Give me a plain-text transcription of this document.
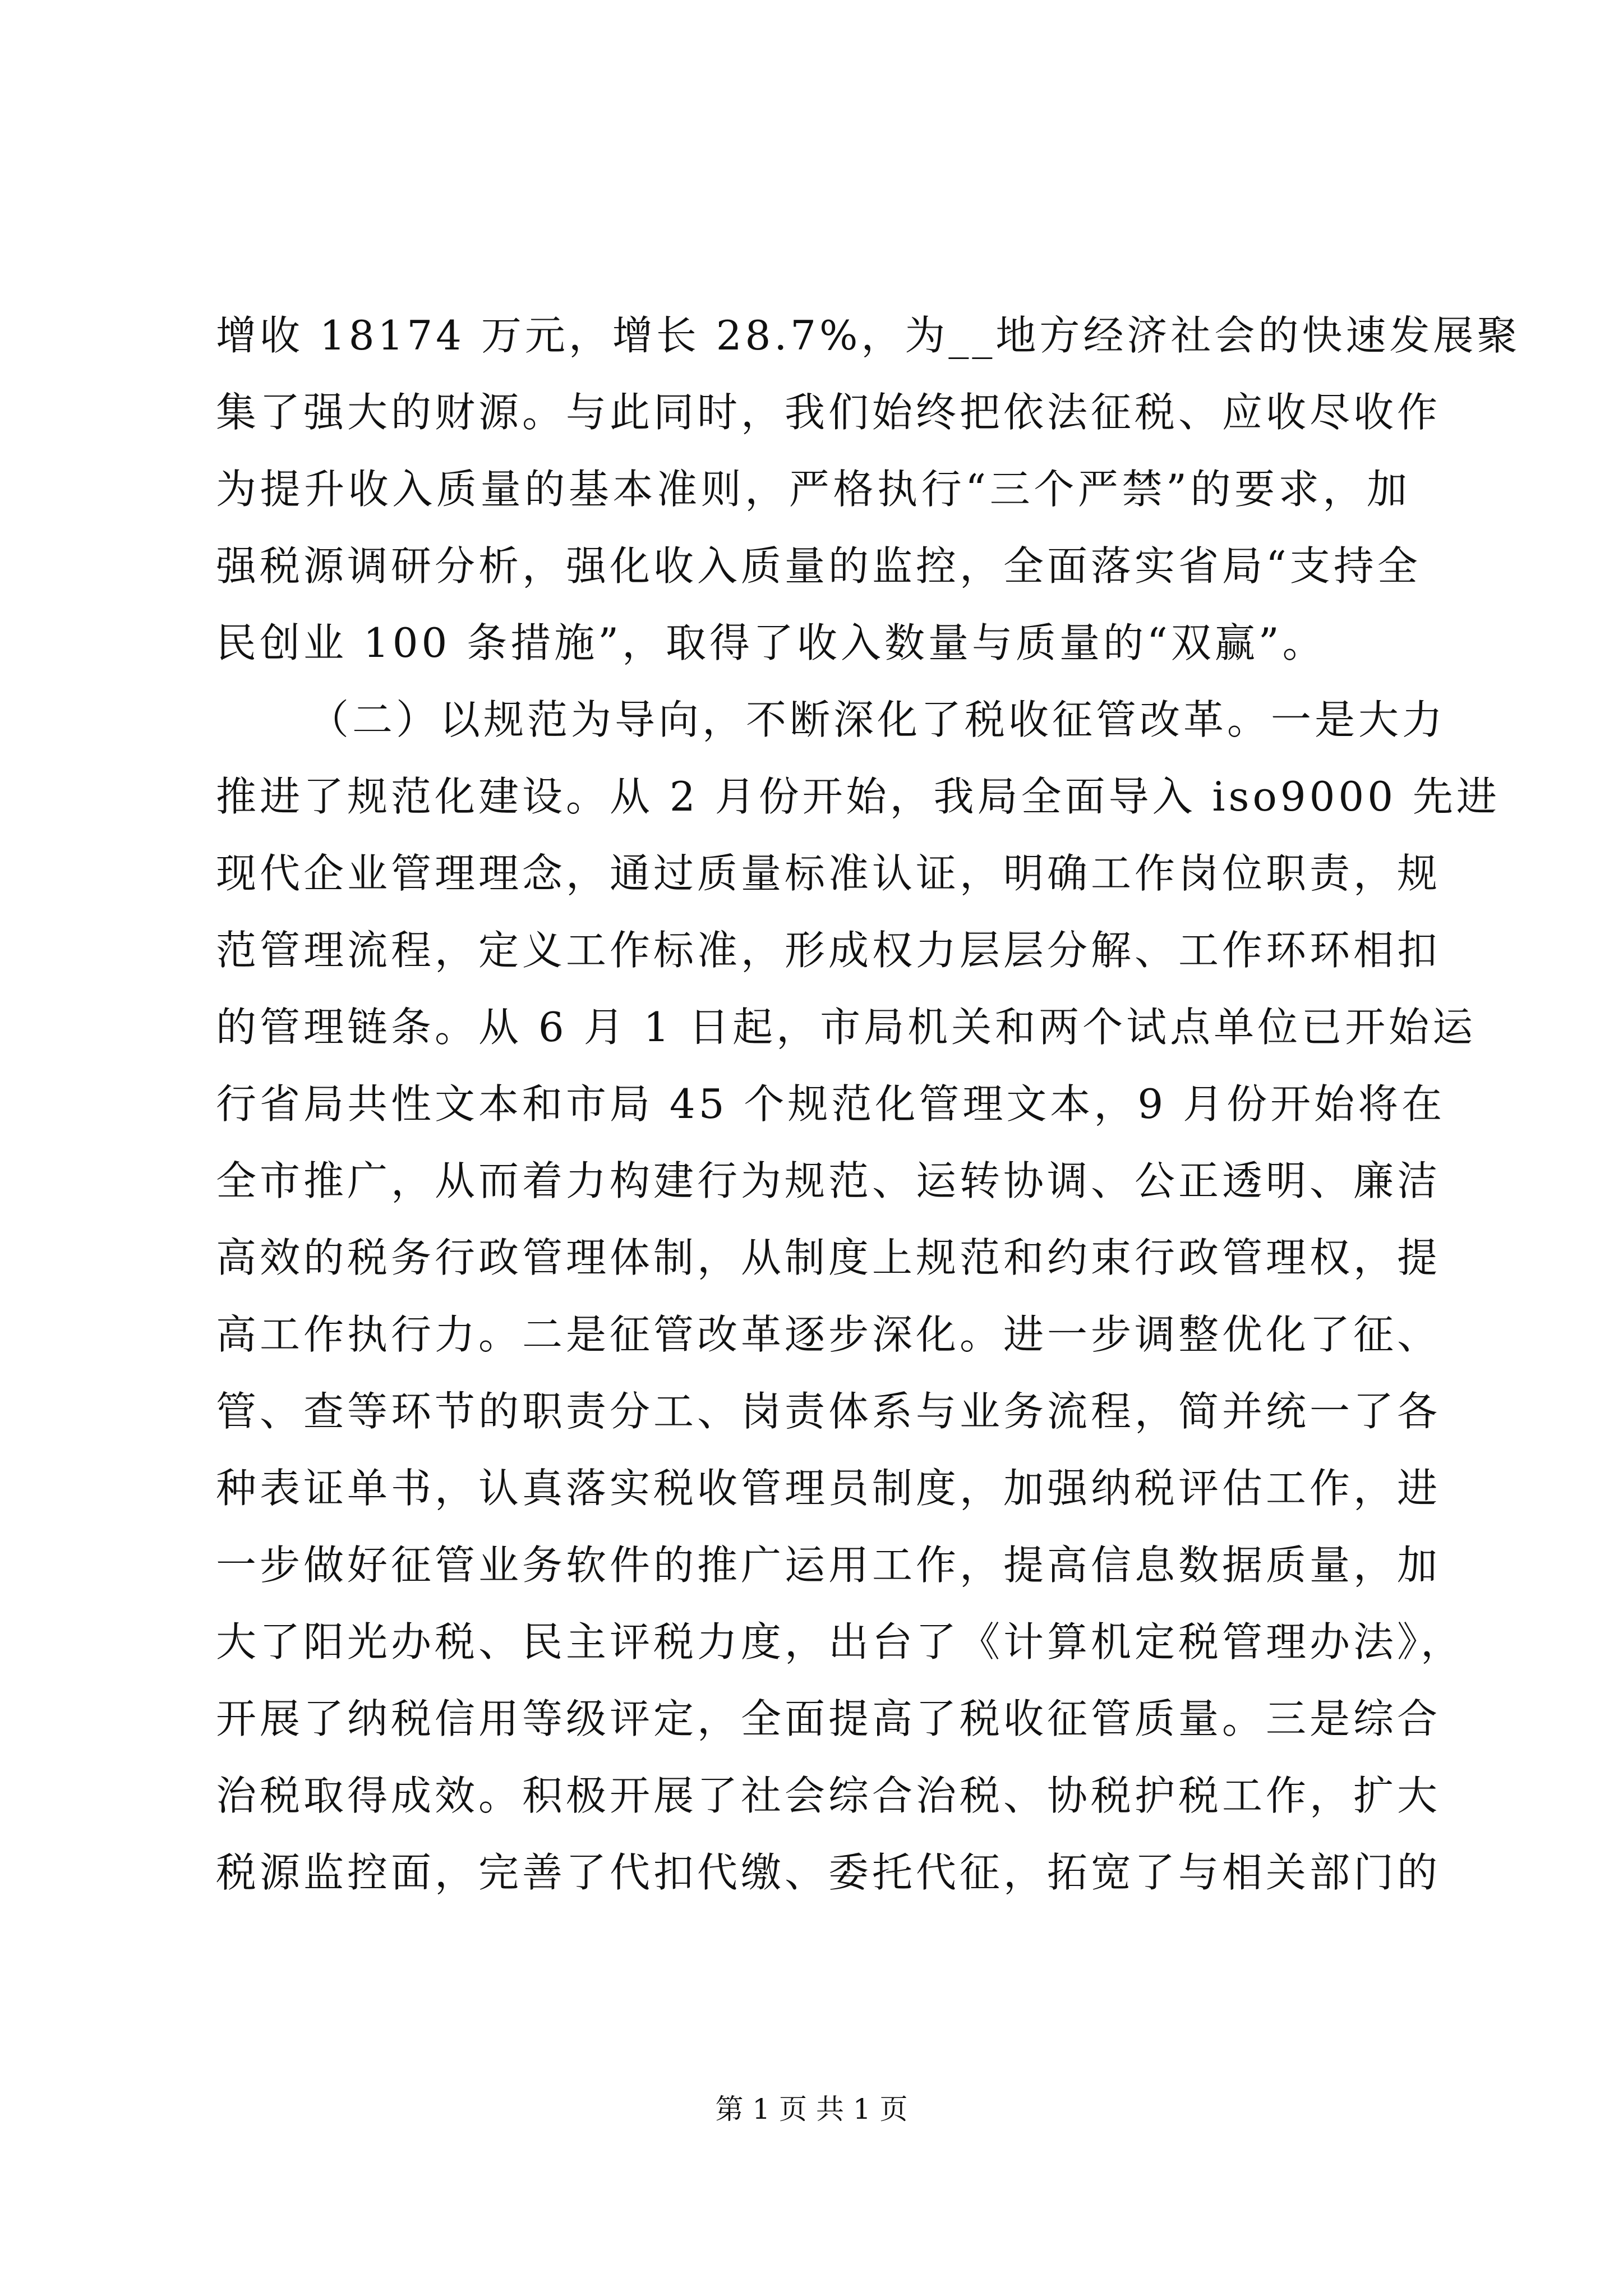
增收 18174 万元，增长 28.7%，为__地方经济社会的快速发展聚
集了强大的财源。与此同时，我们始终把依法征税、应收尽收作
为提升收入质量的基本准则，严格执行“三个严禁”的要求，加
强税源调研分析，强化收入质量的监控，全面落实省局“支持全
民创业 100 条措施”，取得了收入数量与质量的“双赢”。
（二）以规范为导向，不断深化了税收征管改革。一是大力
推进了规范化建设。从 2 月份开始，我局全面导入 iso9000 先进
现代企业管理理念，通过质量标准认证，明确工作岗位职责，规
范管理流程，定义工作标准，形成权力层层分解、工作环环相扣
的管理链条。从 6 月 1 日起，市局机关和两个试点单位已开始运
行省局共性文本和市局 45 个规范化管理文本，9 月份开始将在
全市推广，从而着力构建行为规范、运转协调、公正透明、廉洁
高效的税务行政管理体制，从制度上规范和约束行政管理权，提
高工作执行力。二是征管改革逐步深化。进一步调整优化了征、
管、查等环节的职责分工、岗责体系与业务流程，简并统一了各
种表证单书，认真落实税收管理员制度，加强纳税评估工作，进
一步做好征管业务软件的推广运用工作，提高信息数据质量，加
大了阳光办税、民主评税力度，出台了《计算机定税管理办法》，
开展了纳税信用等级评定，全面提高了税收征管质量。三是综合
治税取得成效。积极开展了社会综合治税、协税护税工作，扩大
税源监控面，完善了代扣代缴、委托代征，拓宽了与相关部门的
第 1 页 共 1 页
